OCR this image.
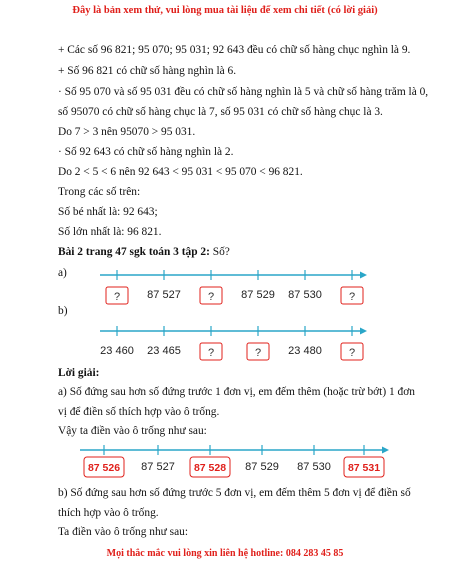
Đây là bản xem thử, vui lòng mua tài liệu để xem chi tiết (có lời giải)
+ Các số 96 821; 95 070; 95 031; 92 643 đều có chữ số hàng chục nghìn là 9.
+ Số 96 821 có chữ số hàng nghìn là 6.
· Số 95 070 và số 95 031 đều có chữ số hàng nghìn là 5 và chữ số hàng trăm là 0,
số 95070 có chữ số hàng chục là 7, số 95 031 có chữ số hàng chục là 3.
Do 7 > 3 nên 95070 > 95 031.
· Số 92 643 có chữ số hàng nghìn là 2.
Do 2 < 5 < 6 nên 92 643 < 95 031 < 95 070 < 96 821.
Trong các số trên:
Số bé nhất là: 92 643;
Số lớn nhất là: 96 821.
Bài 2 trang 47 sgk toán 3 tập 2: Số?
a)
? 87 527 ? 87 529 87 530 ?
b)
23 460 23 465 ?	? 23 480 ?
Lời giải:
a) Số đứng sau hơn số đứng trước 1 đơn vị, em đếm thêm (hoặc trừ bớt) 1 đơn
vị để điền số thích hợp vào ô trống.
Vậy ta điền vào ô trống như sau:
87 526 87 527 87 528 87 529 87 530 87 531
b) Số đứng sau hơn số đứng trước 5 đơn vị, em đếm thêm 5 đơn vị để điền số
thích hợp vào ô trống.
Ta điền vào ô trống như sau:
Mọi thắc mắc vui lòng xin liên hệ hotline: 084 283 45 85
